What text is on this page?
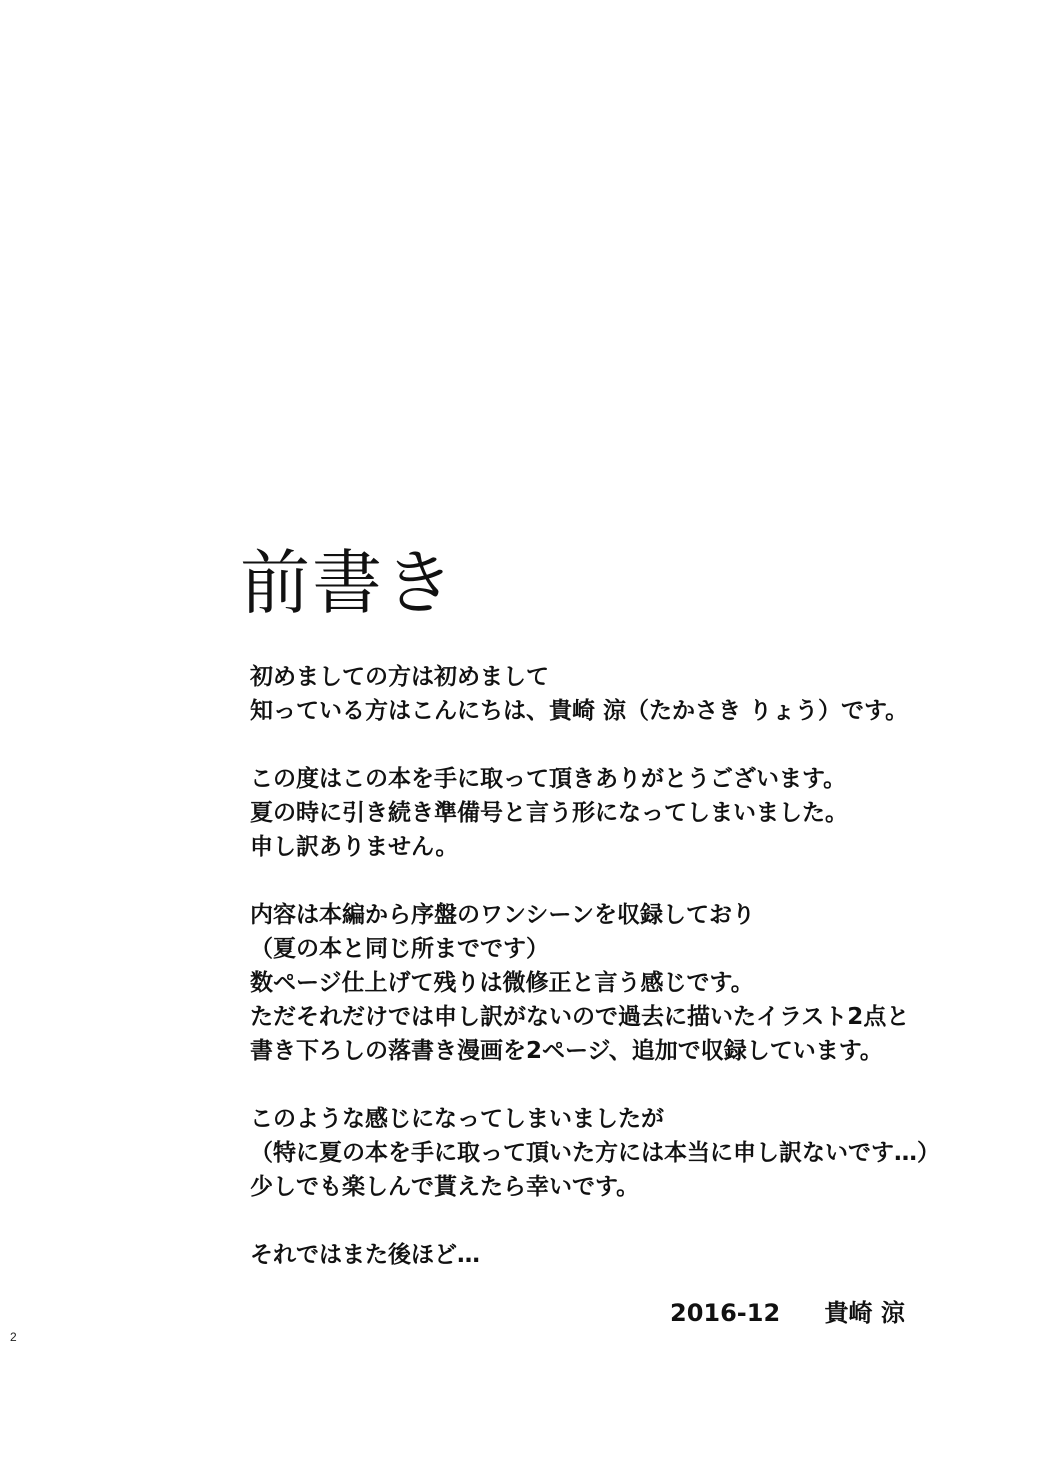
前書き
初めましての方は初めまして
知っている方はこんにちは、貴崎 涼（たかさき りょう）です。
この度はこの本を手に取って頂きありがとうございます。
夏の時に引き続き準備号と言う形になってしまいました。
申し訳ありません。
内容は本編から序盤のワンシーンを収録しており
（夏の本と同じ所までです）
数ページ仕上げて残りは微修正と言う感じです。
ただそれだけでは申し訳がないので過去に描いたイラスト2点と
書き下ろしの落書き漫画を2ページ、追加で収録しています。
このような感じになってしまいましたが
（特に夏の本を手に取って頂いた方には本当に申し訳ないです…）
少しでも楽しんで貰えたら幸いです。
それではまた後ほど…
2016-12 貴崎 涼
2
